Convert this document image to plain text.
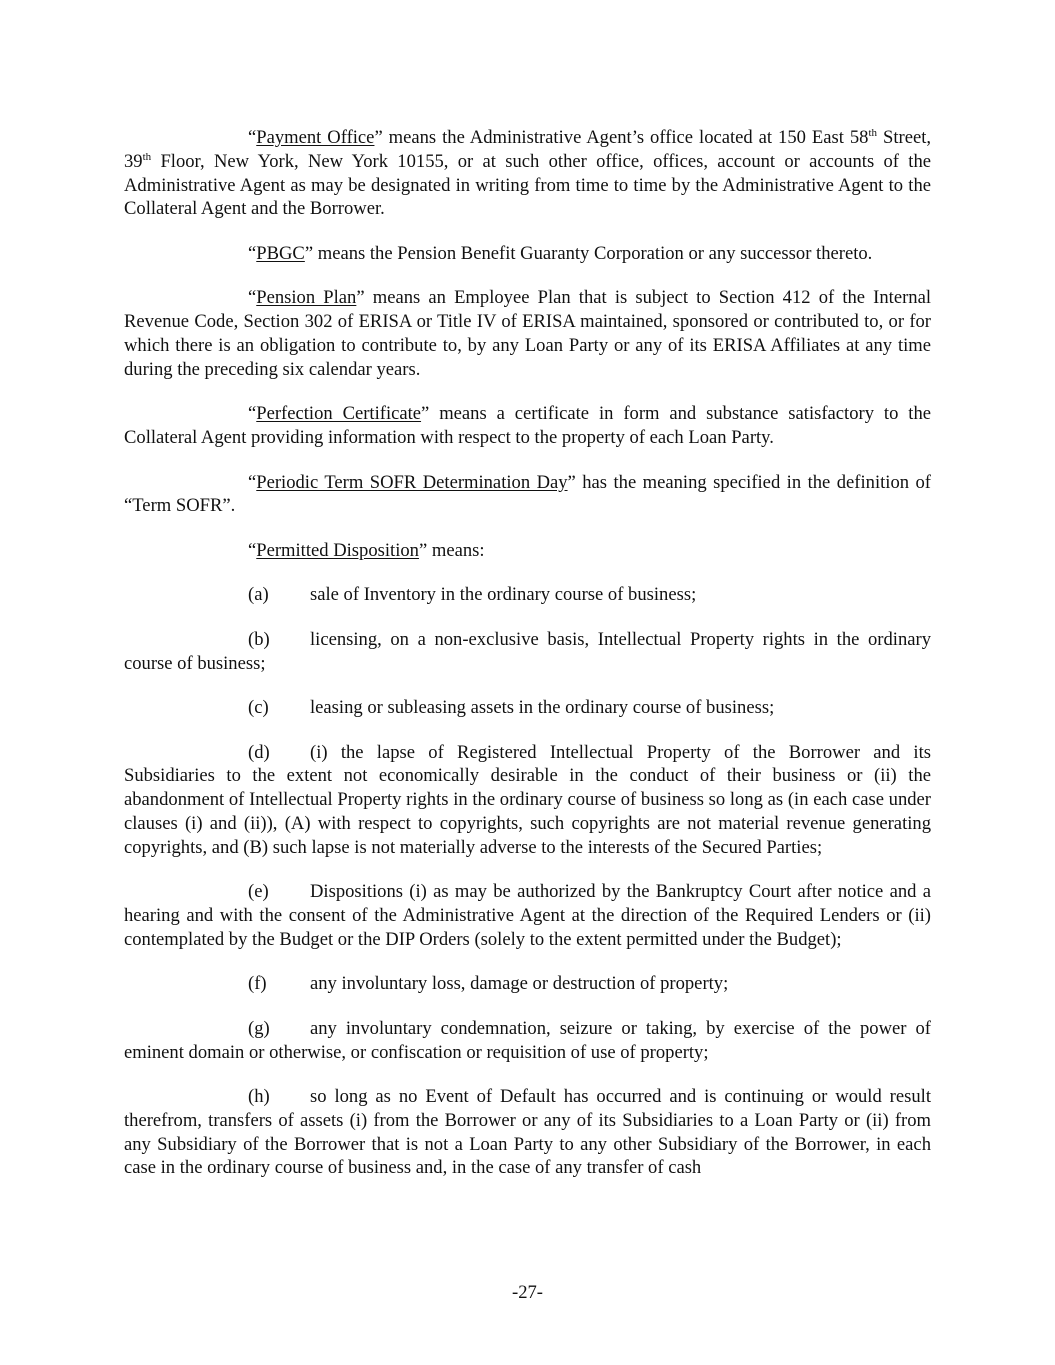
“Payment Office” means the Administrative Agent’s office located at 150 East 58th Street, 39th Floor, New York, New York 10155, or at such other office, offices, account or accounts of the Administrative Agent as may be designated in writing from time to time by the Administrative Agent to the Collateral Agent and the Borrower.

“PBGC” means the Pension Benefit Guaranty Corporation or any successor thereto.

“Pension Plan” means an Employee Plan that is subject to Section 412 of the Internal Revenue Code, Section 302 of ERISA or Title IV of ERISA maintained, sponsored or contributed to, or for which there is an obligation to contribute to, by any Loan Party or any of its ERISA Affiliates at any time during the preceding six calendar years.

“Perfection Certificate” means a certificate in form and substance satisfactory to the Collateral Agent providing information with respect to the property of each Loan Party.

“Periodic Term SOFR Determination Day” has the meaning specified in the definition of “Term SOFR”.

“Permitted Disposition” means:

(a)	sale of Inventory in the ordinary course of business;

(b) licensing, on a non-exclusive basis, Intellectual Property rights in the ordinary course of business;

(c)	leasing or subleasing assets in the ordinary course of business;

(d) (i) the lapse of Registered Intellectual Property of the Borrower and its Subsidiaries to the extent not economically desirable in the conduct of their business or (ii) the abandonment of Intellectual Property rights in the ordinary course of business so long as (in each case under clauses (i) and (ii)), (A) with respect to copyrights, such copyrights are not material revenue generating copyrights, and (B) such lapse is not materially adverse to the interests of the Secured Parties;

(e) Dispositions (i) as may be authorized by the Bankruptcy Court after notice and a hearing and with the consent of the Administrative Agent at the direction of the Required Lenders or (ii) contemplated by the Budget or the DIP Orders (solely to the extent permitted under the Budget);

(f)	any involuntary loss, damage or destruction of property;

(g) any involuntary condemnation, seizure or taking, by exercise of the power of eminent domain or otherwise, or confiscation or requisition of use of property;

(h) so long as no Event of Default has occurred and is continuing or would result therefrom, transfers of assets (i) from the Borrower or any of its Subsidiaries to a Loan Party or (ii) from any Subsidiary of the Borrower that is not a Loan Party to any other Subsidiary of the Borrower, in each case in the ordinary course of business and, in the case of any transfer of cash

-27-
